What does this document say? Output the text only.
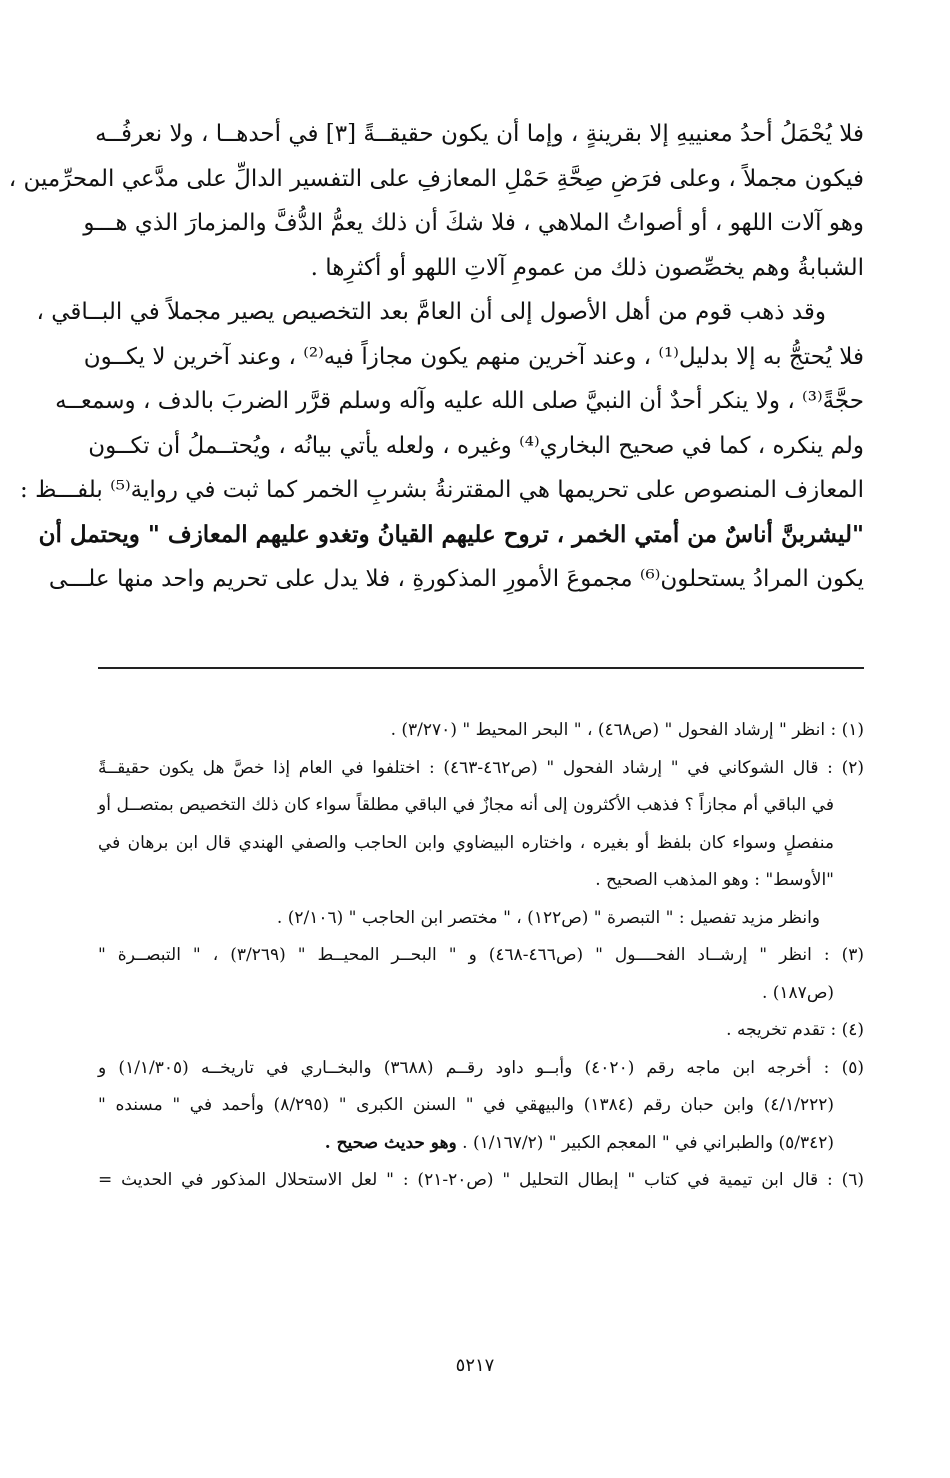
فلا يُحْمَلُ أحدُ معنييهِ إلا بقرينةٍ ، وإما أن يكون حقيقــةً [٣] في أحدهــا ، ولا نعرفُــه
فيكون مجملاً ، وعلى فرَضِ صِحَّةِ حَمْلِ المعازفِ على التفسير الدالِّ على مدَّعي المحرِّمين ،
وهو آلات اللهو ، أو أصواتُ الملاهي ، فلا شكَ أن ذلك يعمُّ الدُّفَّ والمزمارَ الذي هـــو
الشبابةُ وهم يخصِّصون ذلك من عمومِ آلاتِ اللهو أو أكثرِها .
وقد ذهب قوم من أهل الأصول إلى أن العامَّ بعد التخصيص يصير مجملاً في البــاقي ،
فلا يُحتجُّ به إلا بدليل⁽¹⁾ ، وعند آخرين منهم يكون مجازاً فيه⁽²⁾ ، وعند آخرين لا يكــون
حجَّةً⁽³⁾ ، ولا ينكر أحدٌ أن النبيَّ صلى الله عليه وآله وسلم قرَّر الضربَ بالدف ، وسمعــه
ولم ينكره ، كما في صحيح البخاري⁽⁴⁾ وغيره ، ولعله يأتي بيانُه ، ويُحتــملُ أن تكــون
المعازف المنصوص على تحريمها هي المقترنةُ بشربِ الخمر كما ثبت في رواية⁽⁵⁾ بلفـــظ :
"ليشربنَّ أناسٌ من أمتي الخمر ، تروح عليهم القيانُ وتغدو عليهم المعازف " ويحتمل أن
يكون المرادُ يستحلون⁽⁶⁾ مجموعَ الأمورِ المذكورةِ ، فلا يدل على تحريم واحد منها علـــى
(١) : انظر " إرشاد الفحول " (ص٤٦٨) ، " البحر المحيط " (٣/٢٧٠) .
(٢) : قال الشوكاني في " إرشاد الفحول " (ص٤٦٢-٤٦٣) : اختلفوا في العام إذا خصَّ هل يكون حقيقــةً
في الباقي أم مجازاً ؟ فذهب الأكثرون إلى أنه مجازٌ في الباقي مطلقاً سواء كان ذلك التخصيص بمتصــل أو
منفصلٍ وسواء كان بلفظ أو بغيره ، واختاره البيضاوي وابن الحاجب والصفي الهندي قال ابن برهان في
"الأوسط" : وهو المذهب الصحيح .
وانظر مزيد تفصيل : " التبصرة " (ص١٢٢) ، " مختصر ابن الحاجب " (٢/١٠٦) .
(٣) : انظر " إرشــاد الفحــــول " (ص٤٦٦-٤٦٨) و " البحــر المحيــط " (٣/٢٦٩) ، " التبصــرة "
(ص١٨٧) .
(٤) : تقدم تخريجه .
(٥) : أخرجه ابن ماجه رقم (٤٠٢٠) وأبــو داود رقــم (٣٦٨٨) والبخــاري في تاريخــه (١/١/٣٠٥) و
(٤/١/٢٢٢) وابن حبان رقم (١٣٨٤) والبيهقي في " السنن الكبرى " (٨/٢٩٥) وأحمد في " مسنده "
(٥/٣٤٢) والطبراني في " المعجم الكبير " (١/١٦٧/٢) . وهو حديث صحيح .
(٦) : قال ابن تيمية في كتاب " إبطال التحليل " (ص٢٠-٢١) : " لعل الاستحلال المذكور في الحديث =
٥٢١٧
